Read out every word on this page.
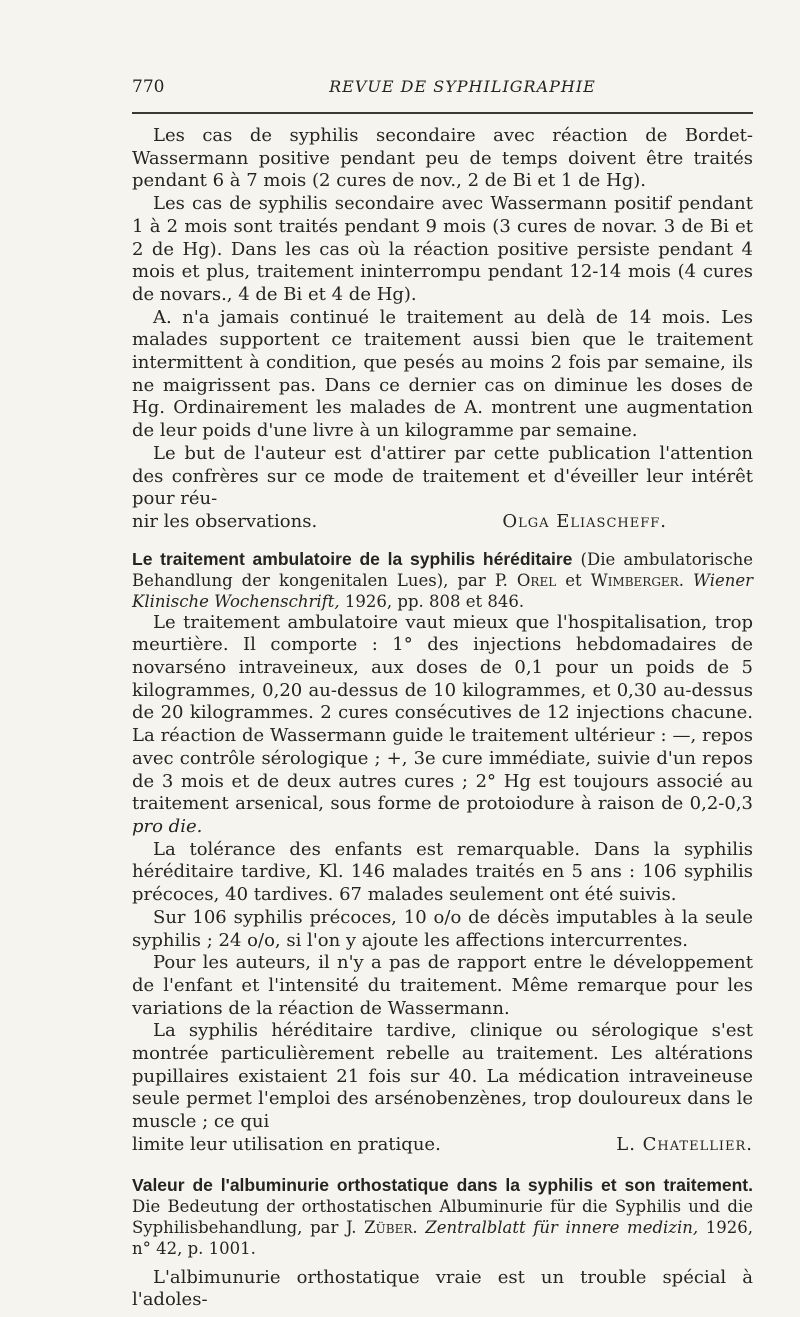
770	REVUE DE SYPHILIGRAPHIE

Les cas de syphilis secondaire avec réaction de Bordet-Wassermann positive pendant peu de temps doivent être traités pendant 6 à 7 mois (2 cures de nov., 2 de Bi et 1 de Hg).

Les cas de syphilis secondaire avec Wassermann positif pendant 1 à 2 mois sont traités pendant 9 mois (3 cures de novar. 3 de Bi et 2 de Hg). Dans les cas où la réaction positive persiste pendant 4 mois et plus, traitement ininterrompu pendant 12-14 mois (4 cures de novars., 4 de Bi et 4 de Hg).

A. n'a jamais continué le traitement au delà de 14 mois. Les malades supportent ce traitement aussi bien que le traitement intermittent à condition, que pesés au moins 2 fois par semaine, ils ne maigrissent pas. Dans ce dernier cas on diminue les doses de Hg. Ordinairement les malades de A. montrent une augmentation de leur poids d'une livre à un kilogramme par semaine.

Le but de l'auteur est d'attirer par cette publication l'attention des confrères sur ce mode de traitement et d'éveiller leur intérêt pour réu-

nir les observations.	Olga Eliascheff.

Le traitement ambulatoire de la syphilis héréditaire (Die ambulatorische Behandlung der kongenitalen Lues), par P. Orel et Wimberger. Wiener Klinische Wochenschrift, 1926, pp. 808 et 846.

Le traitement ambulatoire vaut mieux que l'hospitalisation, trop meurtière. Il comporte : 1° des injections hebdomadaires de novarséno intraveineux, aux doses de 0,1 pour un poids de 5 kilogrammes, 0,20 au-dessus de 10 kilogrammes, et 0,30 au-dessus de 20 kilogrammes. 2 cures consécutives de 12 injections chacune. La réaction de Wassermann guide le traitement ultérieur : —, repos avec contrôle sérologique ; +, 3e cure immédiate, suivie d'un repos de 3 mois et de deux autres cures ; 2° Hg est toujours associé au traitement arsenical, sous forme de protoiodure à raison de 0,2-0,3 pro die.

La tolérance des enfants est remarquable. Dans la syphilis héréditaire tardive, Kl. 146 malades traités en 5 ans : 106 syphilis précoces, 40 tardives. 67 malades seulement ont été suivis.

Sur 106 syphilis précoces, 10 o/o de décès imputables à la seule syphilis ; 24 o/o, si l'on y ajoute les affections intercurrentes.

Pour les auteurs, il n'y a pas de rapport entre le développement de l'enfant et l'intensité du traitement. Même remarque pour les variations de la réaction de Wassermann.

La syphilis héréditaire tardive, clinique ou sérologique s'est montrée particulièrement rebelle au traitement. Les altérations pupillaires existaient 21 fois sur 40. La médication intraveineuse seule permet l'emploi des arsénobenzènes, trop douloureux dans le muscle ; ce qui

limite leur utilisation en pratique.	L. Chatellier.

Valeur de l'albuminurie orthostatique dans la syphilis et son traitement. Die Bedeutung der orthostatischen Albuminurie für die Syphilis und die Syphilisbehandlung, par J. Züber. Zentralblatt für innere medizin, 1926, n° 42, p. 1001.

L'albimunurie orthostatique vraie est un trouble spécial à l'adoles-
